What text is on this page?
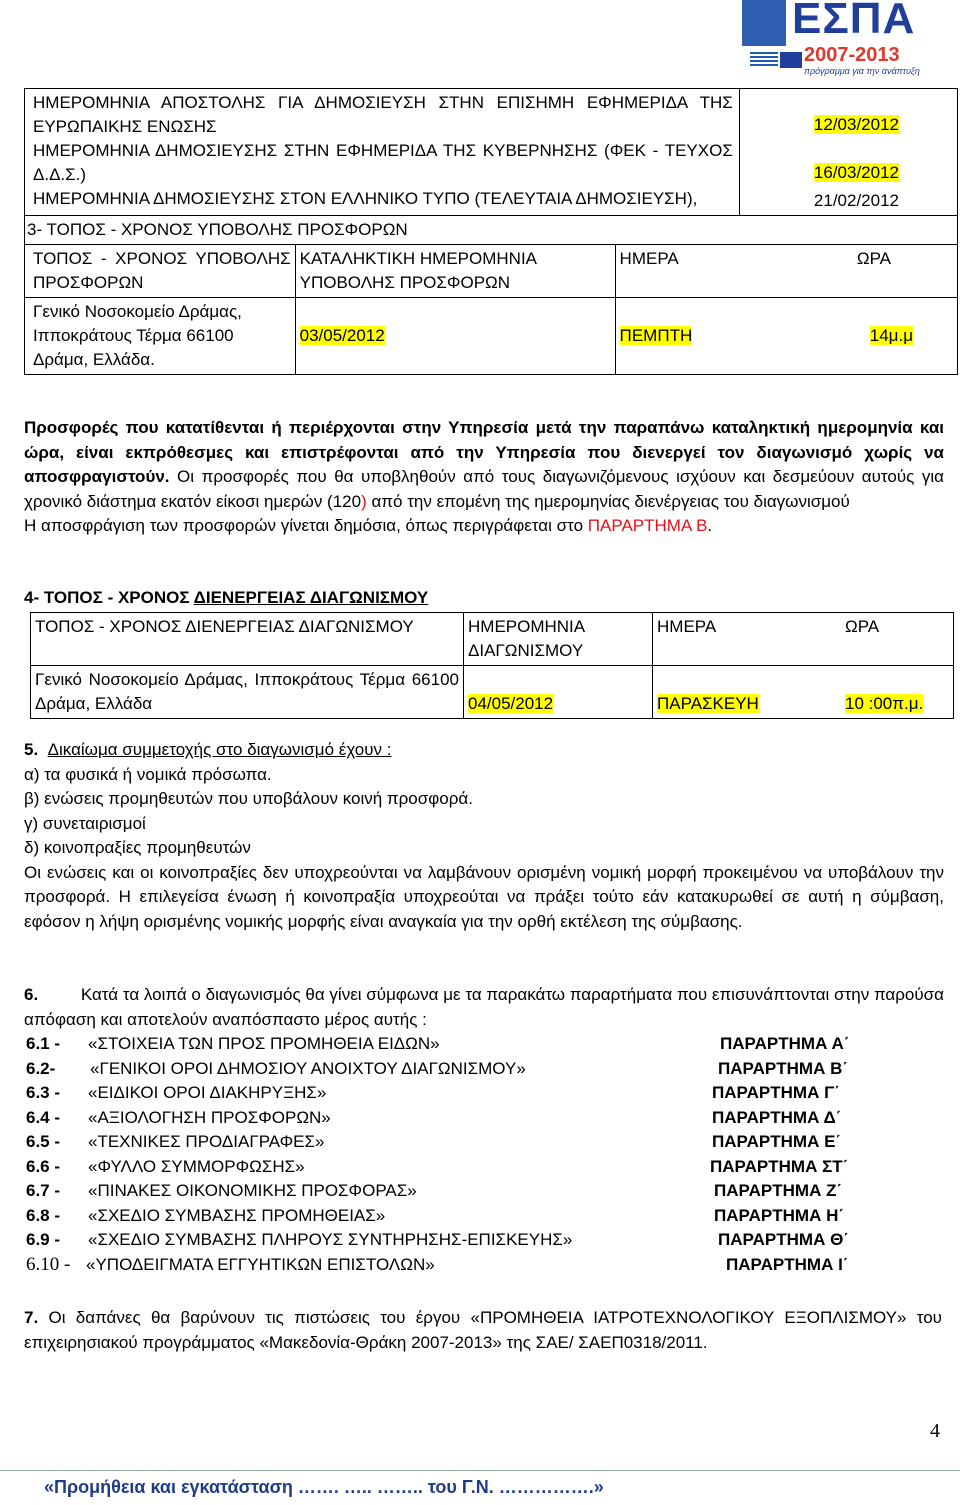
ΕΣΠΑ
2007-2013
πρόγραμμα για την ανάπτυξη
ΗΜΕΡΟΜΗΝΙΑ ΑΠΟΣΤΟΛΗΣ ΓΙΑ ΔΗΜΟΣΙΕΥΣΗ ΣΤΗΝ ΕΠΙΣΗΜΗ ΕΦΗΜΕΡΙΔΑ ΤΗΣ ΕΥΡΩΠΑΙΚΗΣ ΕΝΩΣΗΣ			12/03/2012
ΗΜΕΡΟΜΗΝΙΑ ΔΗΜΟΣΙΕΥΣΗΣ ΣΤΗΝ ΕΦΗΜΕΡΙΔΑ ΤΗΣ ΚΥΒΕΡΝΗΣΗΣ (ΦΕΚ - ΤΕΥΧΟΣ Δ.Δ.Σ.)			16/03/2012
ΗΜΕΡΟΜΗΝΙΑ ΔΗΜΟΣΙΕΥΣΗΣ ΣΤΟΝ ΕΛΛΗΝΙΚΟ ΤΥΠΟ (ΤΕΛΕΥΤΑΙΑ ΔΗΜΟΣΙΕΥΣΗ),			21/02/2012
3- ΤΟΠΟΣ - ΧΡΟΝΟΣ ΥΠΟΒΟΛΗΣ ΠΡΟΣΦΟΡΩΝ			
ΤΟΠΟΣ - ΧΡΟΝΟΣ ΥΠΟΒΟΛΗΣ ΠΡΟΣΦΟΡΩΝ	ΚΑΤΑΛΗΚΤΙΚΗ ΗΜΕΡΟΜΗΝΙΑ ΥΠΟΒΟΛΗΣ ΠΡΟΣΦΟΡΩΝ	ΗΜΕΡΑ	ΩΡΑ
Γενικό Νοσοκομείο Δράμας, Ιπποκράτους Τέρμα 66100 Δράμα, Ελλάδα.	03/05/2012	ΠΕΜΠΤΗ	14μ.μ
Προσφορές που κατατίθενται ή περιέρχονται στην Υπηρεσία μετά την παραπάνω καταληκτική ημερομηνία και ώρα, είναι εκπρόθεσμες και επιστρέφονται από την Υπηρεσία που διενεργεί τον διαγωνισμό χωρίς να αποσφραγιστούν. Οι προσφορές που θα υποβληθούν από τους διαγωνιζόμενους ισχύουν και δεσμεύουν αυτούς για χρονικό διάστημα εκατόν είκοσι ημερών (120) από την επομένη της ημερομηνίας διενέργειας του διαγωνισμού
Η αποσφράγιση των προσφορών γίνεται δημόσια, όπως περιγράφεται στο ΠΑΡΑΡΤΗΜΑ Β.
4- ΤΟΠΟΣ - ΧΡΟΝΟΣ ΔΙΕΝΕΡΓΕΙΑΣ ΔΙΑΓΩΝΙΣΜΟΥ
ΤΟΠΟΣ - ΧΡΟΝΟΣ ΔΙΕΝΕΡΓΕΙΑΣ ΔΙΑΓΩΝΙΣΜΟΥ	ΗΜΕΡΟΜΗΝΙΑ ΔΙΑΓΩΝΙΣΜΟΥ	ΗΜΕΡΑ	ΩΡΑ
Γενικό Νοσοκομείο Δράμας, Ιπποκράτους Τέρμα 66100 Δράμα, Ελλάδα	04/05/2012	ΠΑΡΑΣΚΕΥΗ	10 :00π.μ.
5. Δικαίωμα συμμετοχής στο διαγωνισμό έχουν :
α) τα φυσικά ή νομικά πρόσωπα.
β) ενώσεις προμηθευτών που υποβάλουν κοινή προσφορά.
γ) συνεταιρισμοί
δ) κοινοπραξίες προμηθευτών
Οι ενώσεις και οι κοινοπραξίες δεν υποχρεούνται να λαμβάνουν ορισμένη νομική μορφή προκειμένου να υποβάλουν την προσφορά. Η επιλεγείσα ένωση ή κοινοπραξία υποχρεούται να πράξει τούτο εάν κατακυρωθεί σε αυτή η σύμβαση, εφόσον η λήψη ορισμένης νομικής μορφής είναι αναγκαία για την ορθή εκτέλεση της σύμβασης.
6.	Κατά τα λοιπά ο διαγωνισμός θα γίνει σύμφωνα με τα παρακάτω παραρτήματα που επισυνάπτονται στην παρούσα απόφαση και αποτελούν αναπόσπαστο μέρος αυτής :
6.1 - «ΣΤΟΙΧΕΙΑ ΤΩΝ ΠΡΟΣ ΠΡΟΜΗΘΕΙΑ ΕΙΔΩΝ»	ΠΑΡΑΡΤΗΜΑ Α΄
6.2- «ΓΕΝΙΚΟΙ ΟΡΟΙ ΔΗΜΟΣΙΟΥ ΑΝΟΙΧΤΟΥ ΔΙΑΓΩΝΙΣΜΟΥ»	ΠΑΡΑΡΤΗΜΑ Β΄
6.3 - «ΕΙΔΙΚΟΙ ΟΡΟΙ ΔΙΑΚΗΡΥΞΗΣ»	ΠΑΡΑΡΤΗΜΑ Γ΄
6.4 - «ΑΞΙΟΛΟΓΗΣΗ ΠΡΟΣΦΟΡΩΝ»	ΠΑΡΑΡΤΗΜΑ Δ΄
6.5 - «ΤΕΧΝΙΚΕΣ ΠΡΟΔΙΑΓΡΑΦΕΣ»	ΠΑΡΑΡΤΗΜΑ Ε΄
6.6 - «ΦΥΛΛΟ ΣΥΜΜΟΡΦΩΣΗΣ»	ΠΑΡΑΡΤΗΜΑ ΣΤ΄
6.7 - «ΠΙΝΑΚΕΣ ΟΙΚΟΝΟΜΙΚΗΣ ΠΡΟΣΦΟΡΑΣ»	ΠΑΡΑΡΤΗΜΑ Ζ΄
6.8 - «ΣΧΕΔΙΟ ΣΥΜΒΑΣΗΣ ΠΡΟΜΗΘΕΙΑΣ»	ΠΑΡΑΡΤΗΜΑ Η΄
6.9 - «ΣΧΕΔΙΟ ΣΥΜΒΑΣΗΣ ΠΛΗΡΟΥΣ ΣΥΝΤΗΡΗΣΗΣ-ΕΠΙΣΚΕΥΗΣ»	ΠΑΡΑΡΤΗΜΑ Θ΄
6.10 - «ΥΠΟΔΕΙΓΜΑΤΑ ΕΓΓΥΗΤΙΚΩΝ ΕΠΙΣΤΟΛΩΝ»	ΠΑΡΑΡΤΗΜΑ Ι΄
7. Οι δαπάνες θα βαρύνουν τις πιστώσεις του έργου «ΠΡΟΜΗΘΕΙΑ ΙΑΤΡΟΤΕΧΝΟΛΟΓΙΚΟΥ ΕΞΟΠΛΙΣΜΟΥ» του επιχειρησιακού προγράμματος «Μακεδονία-Θράκη 2007-2013» της ΣΑΕ/ ΣΑΕΠ0318/2011.
4
«Προμήθεια και εγκατάσταση ……. ….. …….. του Γ.Ν. …………….»
